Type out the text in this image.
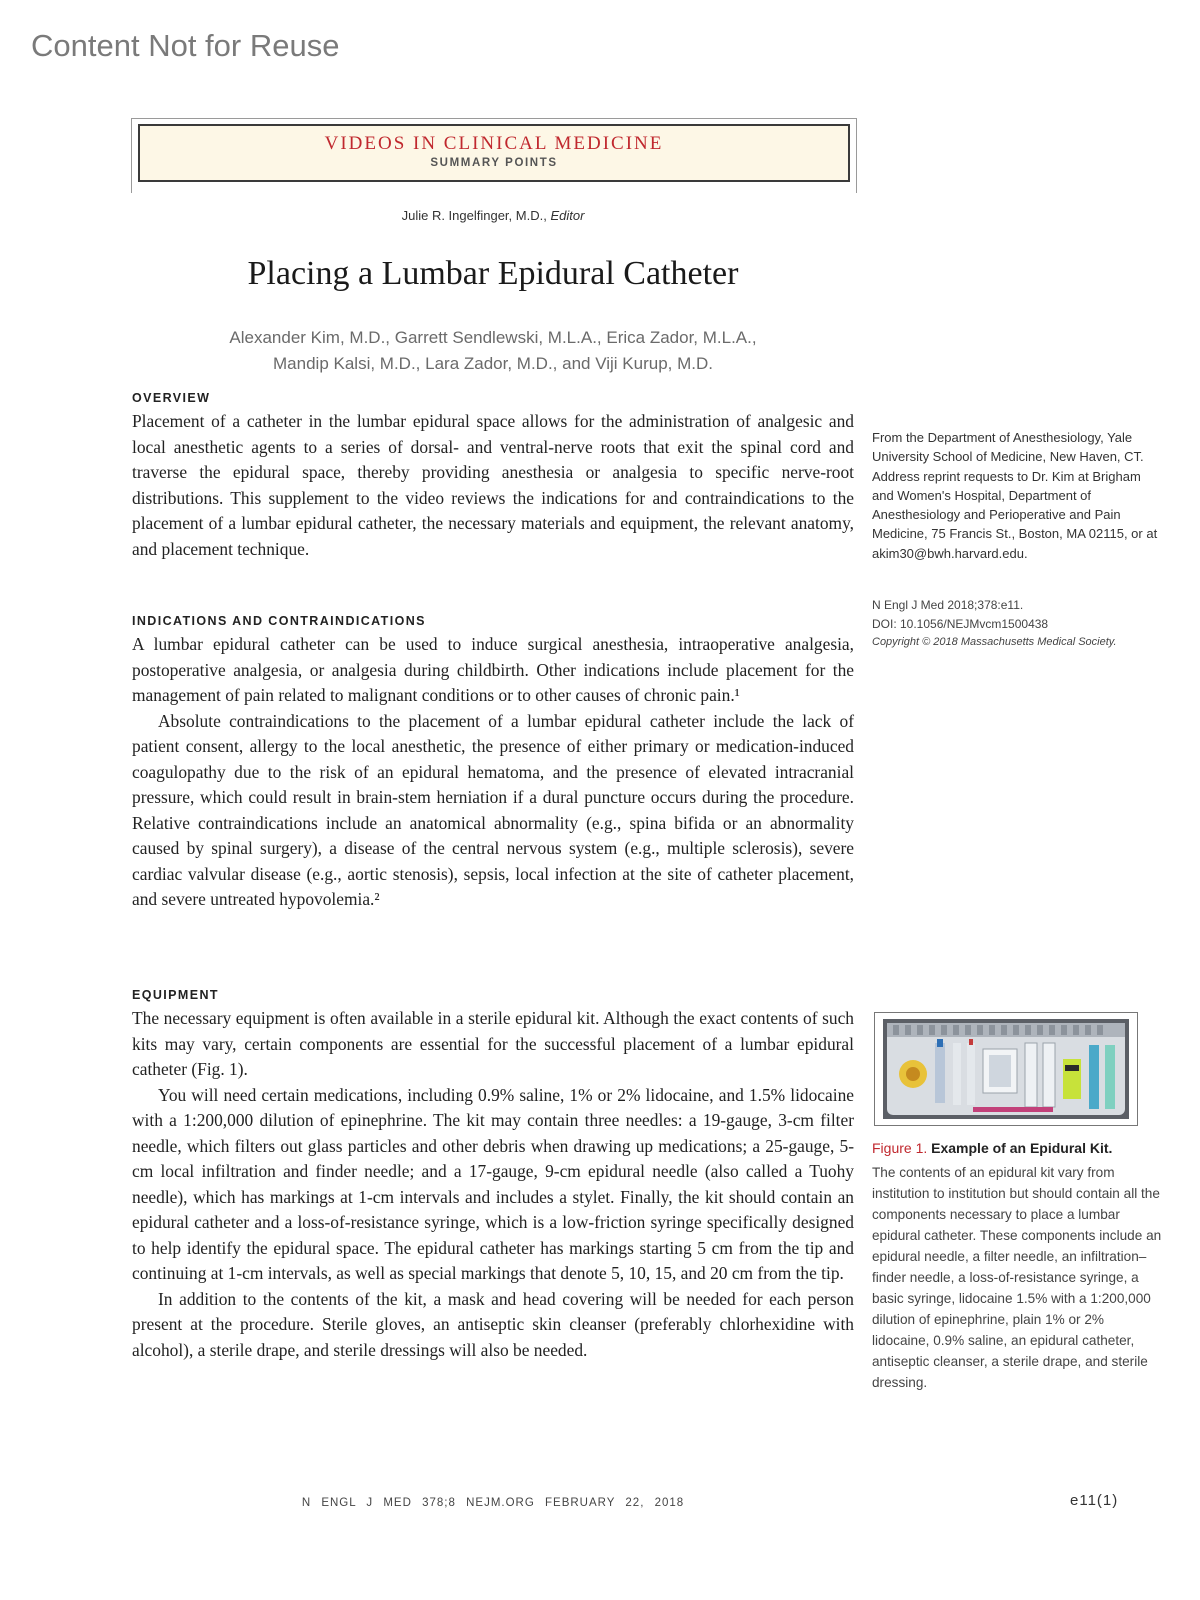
Content Not for Reuse
VIDEOS IN CLINICAL MEDICINE
SUMMARY POINTS
Julie R. Ingelfinger, M.D., Editor
Placing a Lumbar Epidural Catheter
Alexander Kim, M.D., Garrett Sendlewski, M.L.A., Erica Zador, M.L.A.,
Mandip Kalsi, M.D., Lara Zador, M.D., and Viji Kurup, M.D.
OVERVIEW

Placement of a catheter in the lumbar epidural space allows for the administration of analgesic and local anesthetic agents to a series of dorsal- and ventral-nerve roots that exit the spinal cord and traverse the epidural space, thereby providing anesthesia or analgesia to specific nerve-root distributions. This supplement to the video reviews the indications for and contraindications to the placement of a lumbar epidural catheter, the necessary materials and equipment, the relevant anatomy, and placement technique.

INDICATIONS AND CONTRAINDICATIONS

A lumbar epidural catheter can be used to induce surgical anesthesia, intraoperative analgesia, postoperative analgesia, or analgesia during childbirth. Other indications include placement for the management of pain related to malignant conditions or to other causes of chronic pain.¹

Absolute contraindications to the placement of a lumbar epidural catheter include the lack of patient consent, allergy to the local anesthetic, the presence of either primary or medication-induced coagulopathy due to the risk of an epidural hematoma, and the presence of elevated intracranial pressure, which could result in brain-stem herniation if a dural puncture occurs during the procedure. Relative contraindications include an anatomical abnormality (e.g., spina bifida or an abnormality caused by spinal surgery), a disease of the central nervous system (e.g., multiple sclerosis), severe cardiac valvular disease (e.g., aortic stenosis), sepsis, local infection at the site of catheter placement, and severe untreated hypovolemia.²

EQUIPMENT

The necessary equipment is often available in a sterile epidural kit. Although the exact contents of such kits may vary, certain components are essential for the successful placement of a lumbar epidural catheter (Fig. 1).

You will need certain medications, including 0.9% saline, 1% or 2% lidocaine, and 1.5% lidocaine with a 1:200,000 dilution of epinephrine. The kit may contain three needles: a 19-gauge, 3-cm filter needle, which filters out glass particles and other debris when drawing up medications; a 25-gauge, 5-cm local infiltration and finder needle; and a 17-gauge, 9-cm epidural needle (also called a Tuohy needle), which has markings at 1-cm intervals and includes a stylet. Finally, the kit should contain an epidural catheter and a loss-of-resistance syringe, which is a low-friction syringe specifically designed to help identify the epidural space. The epidural catheter has markings starting 5 cm from the tip and continuing at 1-cm intervals, as well as special markings that denote 5, 10, 15, and 20 cm from the tip.

In addition to the contents of the kit, a mask and head covering will be needed for each person present at the procedure. Sterile gloves, an antiseptic skin cleanser (preferably chlorhexidine with alcohol), a sterile drape, and sterile dressings will also be needed.

From the Department of Anesthesiology, Yale University School of Medicine, New Haven, CT. Address reprint requests to Dr. Kim at Brigham and Women's Hospital, Department of Anesthesiology and Perioperative and Pain Medicine, 75 Francis St., Boston, MA 02115, or at akim30@bwh.harvard.edu.

N Engl J Med 2018;378:e11.

DOI: 10.1056/NEJMvcm1500438

Copyright © 2018 Massachusetts Medical Society.

Figure 1. Example of an Epidural Kit.

The contents of an epidural kit vary from institution to institution but should contain all the components necessary to place a lumbar epidural catheter. These components include an epidural needle, a filter needle, an infiltration–finder needle, a loss-of-resistance syringe, a basic syringe, lidocaine 1.5% with a 1:200,000 dilution of epinephrine, plain 1% or 2% lidocaine, 0.9% saline, an epidural catheter, antiseptic cleanser, a sterile drape, and sterile dressing.

N ENGL J MED 378;8 NEJM.ORG FEBRUARY 22, 2018	e11(1)
